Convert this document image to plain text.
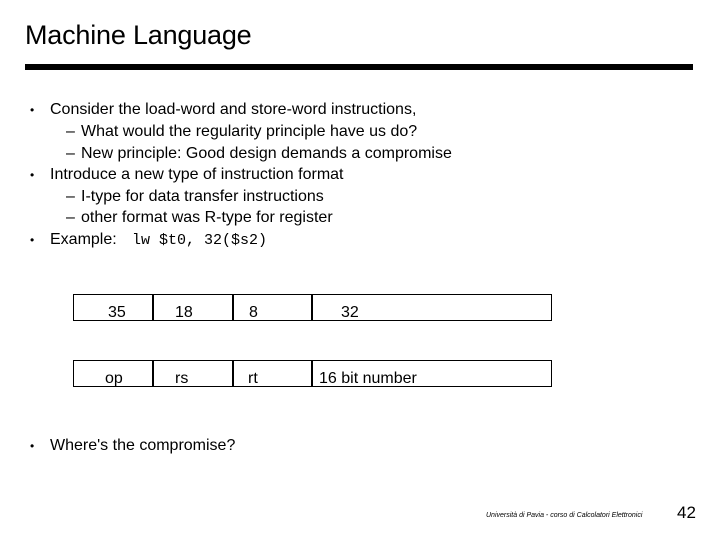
Machine Language
• Consider the load-word and store-word instructions,
– What would the regularity principle have us do?
– New principle: Good design demands a compromise
• Introduce a new type of instruction format
– I-type for data transfer instructions
– other format was R-type for register
• Example: lw $t0, 32($s2)
35	18	8	32
op	rs	rt	16 bit number
• Where's the compromise?
Università di Pavia - corso di Calcolatori Elettronici 42
